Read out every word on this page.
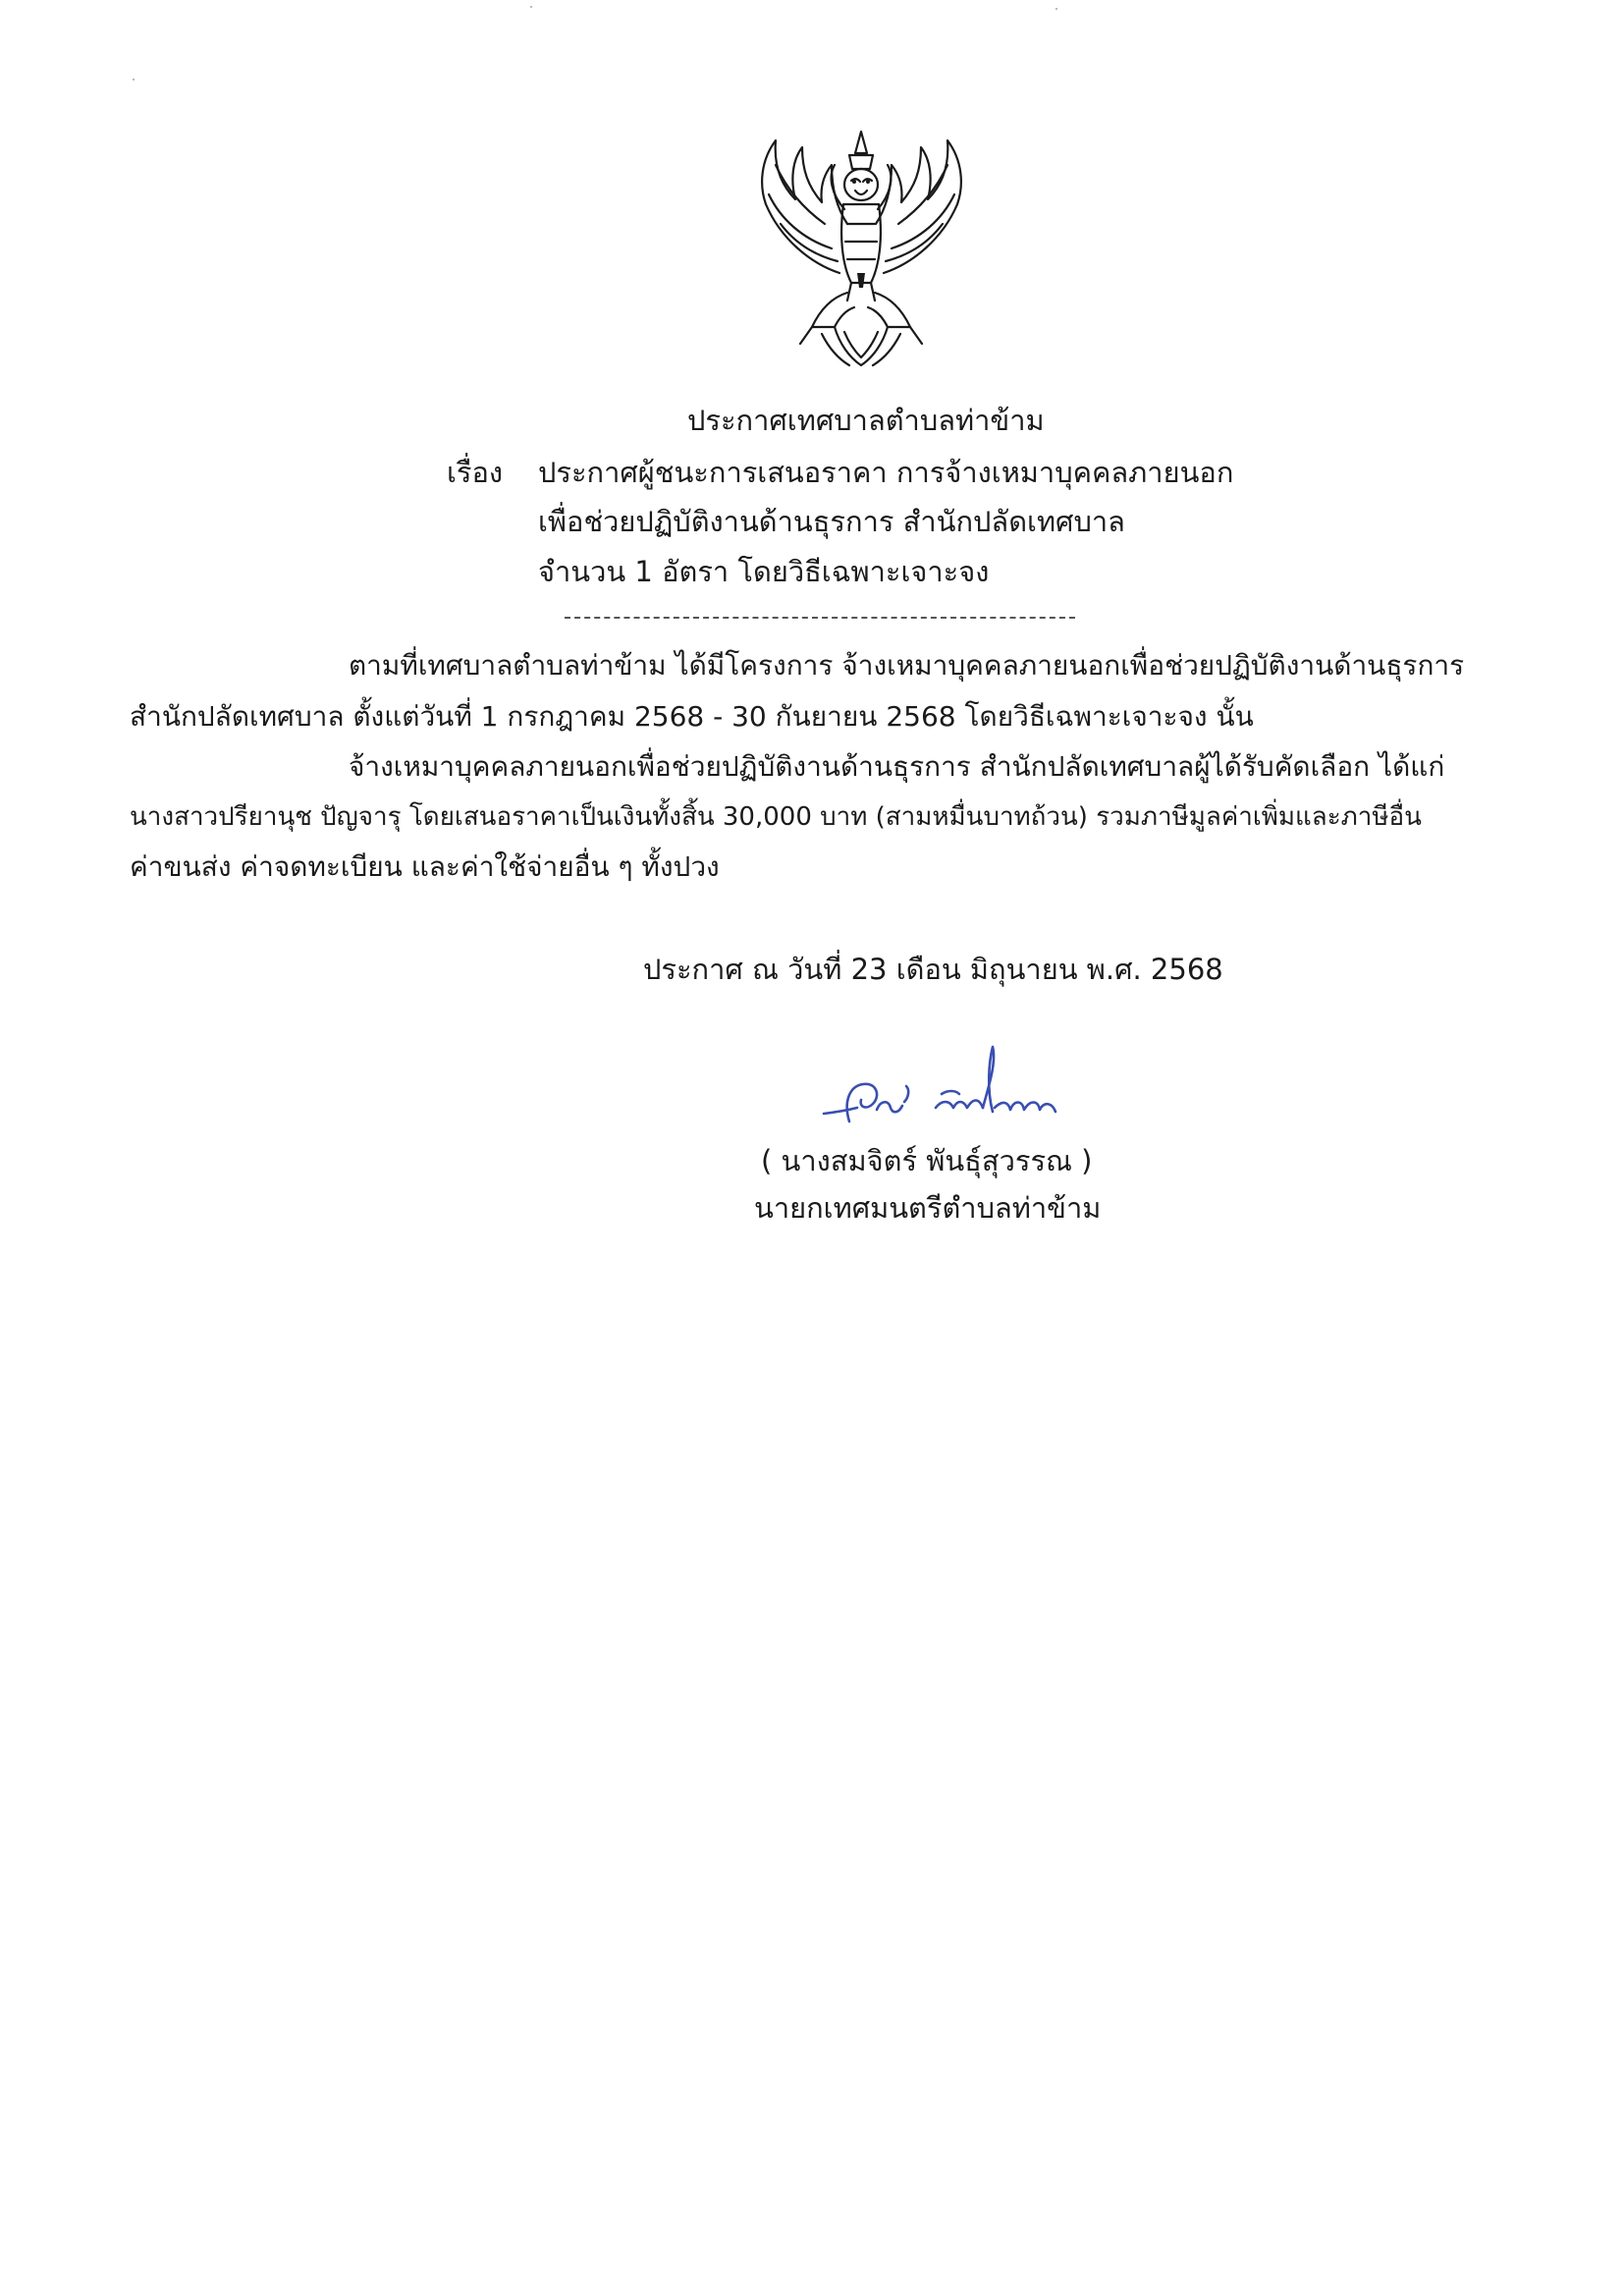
ประกาศเทศบาลตำบลท่าข้าม
เรื่อง ประกาศผู้ชนะการเสนอราคา การจ้างเหมาบุคคลภายนอก
เพื่อช่วยปฏิบัติงานด้านธุรการ สำนักปลัดเทศบาล
จำนวน 1 อัตรา โดยวิธีเฉพาะเจาะจง
ตามที่เทศบาลตำบลท่าข้าม ได้มีโครงการ จ้างเหมาบุคคลภายนอกเพื่อช่วยปฏิบัติงานด้านธุรการ
สำนักปลัดเทศบาล ตั้งแต่วันที่ 1 กรกฎาคม 2568 - 30 กันยายน 2568 โดยวิธีเฉพาะเจาะจง นั้น
จ้างเหมาบุคคลภายนอกเพื่อช่วยปฏิบัติงานด้านธุรการ สำนักปลัดเทศบาลผู้ได้รับคัดเลือก ได้แก่
นางสาวปรียานุช ปัญจารุ โดยเสนอราคาเป็นเงินทั้งสิ้น 30,000 บาท (สามหมื่นบาทถ้วน) รวมภาษีมูลค่าเพิ่มและภาษีอื่น
ค่าขนส่ง ค่าจดทะเบียน และค่าใช้จ่ายอื่น ๆ ทั้งปวง
ประกาศ ณ วันที่ 23 เดือน มิถุนายน พ.ศ. 2568
( นางสมจิตร์ พันธุ์สุวรรณ )
นายกเทศมนตรีตำบลท่าข้าม
